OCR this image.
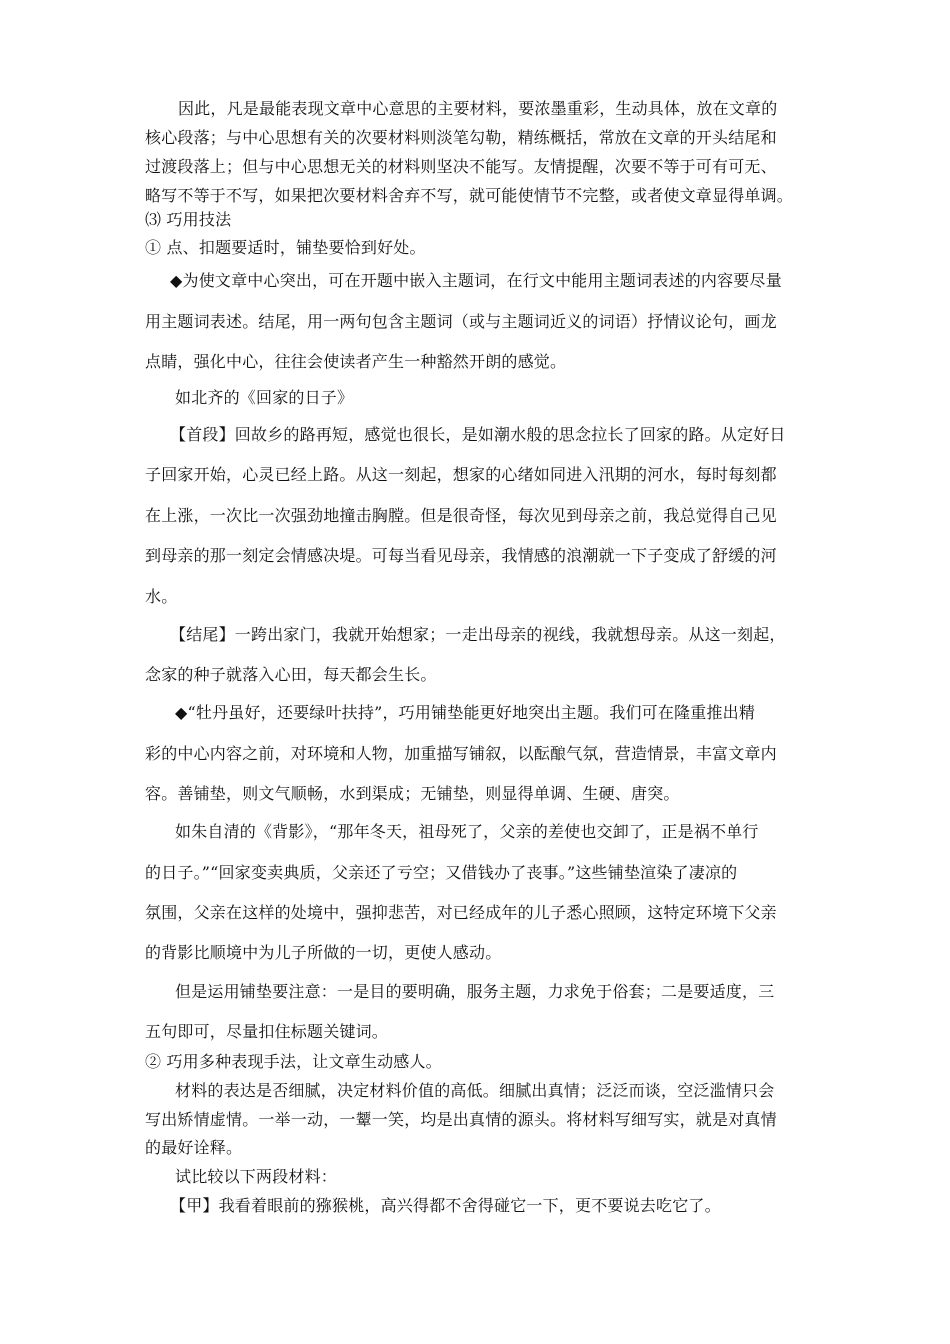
因此，凡是最能表现文章中心意思的主要材料，要浓墨重彩，生动具体，放在文章的
核心段落；与中心思想有关的次要材料则淡笔勾勒，精练概括，常放在文章的开头结尾和
过渡段落上；但与中心思想无关的材料则坚决不能写。友情提醒，次要不等于可有可无、
略写不等于不写，如果把次要材料舍弃不写，就可能使情节不完整，或者使文章显得单调。
⑶ 巧用技法
① 点、扣题要适时，铺垫要恰到好处。
◆为使文章中心突出，可在开题中嵌入主题词，在行文中能用主题词表述的内容要尽量
用主题词表述。结尾，用一两句包含主题词（或与主题词近义的词语）抒情议论句，画龙
点睛，强化中心，往往会使读者产生一种豁然开朗的感觉。
如北齐的《回家的日子》
【首段】回故乡的路再短，感觉也很长，是如潮水般的思念拉长了回家的路。从定好日
子回家开始，心灵已经上路。从这一刻起，想家的心绪如同进入汛期的河水，每时每刻都
在上涨，一次比一次强劲地撞击胸膛。但是很奇怪，每次见到母亲之前，我总觉得自己见
到母亲的那一刻定会情感决堤。可每当看见母亲，我情感的浪潮就一下子变成了舒缓的河
水。
【结尾】一跨出家门，我就开始想家；一走出母亲的视线，我就想母亲。从这一刻起，
念家的种子就落入心田，每天都会生长。
◆“牡丹虽好，还要绿叶扶持”，巧用铺垫能更好地突出主题。我们可在隆重推出精
彩的中心内容之前，对环境和人物，加重描写铺叙，以酝酿气氛，营造情景，丰富文章内
容。善铺垫，则文气顺畅，水到渠成；无铺垫，则显得单调、生硬、唐突。
如朱自清的《背影》，“那年冬天，祖母死了，父亲的差使也交卸了，正是祸不单行
的日子。”“回家变卖典质，父亲还了亏空；又借钱办了丧事。”这些铺垫渲染了凄凉的
氛围，父亲在这样的处境中，强抑悲苦，对已经成年的儿子悉心照顾，这特定环境下父亲
的背影比顺境中为儿子所做的一切，更使人感动。
但是运用铺垫要注意：一是目的要明确，服务主题，力求免于俗套；二是要适度，三
五句即可，尽量扣住标题关键词。
② 巧用多种表现手法，让文章生动感人。
材料的表达是否细腻，决定材料价值的高低。细腻出真情；泛泛而谈，空泛滥情只会
写出矫情虚情。一举一动，一颦一笑，均是出真情的源头。将材料写细写实，就是对真情
的最好诠释。
试比较以下两段材料：
【甲】我看着眼前的猕猴桃，高兴得都不舍得碰它一下，更不要说去吃它了。
